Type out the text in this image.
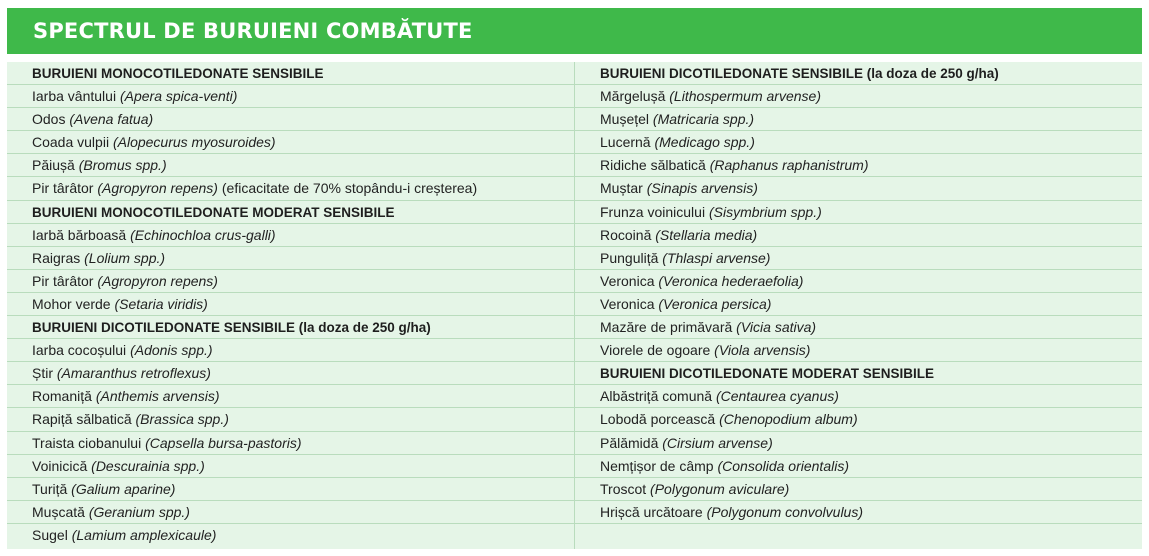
SPECTRUL DE BURUIENI COMBĂTUTE
BURUIENI MONOCOTILEDONATE SENSIBILE
Iarba vântului (Apera spica-venti)
Odos (Avena fatua)
Coada vulpii (Alopecurus myosuroides)
Păiușă (Bromus spp.)
Pir târâtor (Agropyron repens) (eficacitate de 70% stopându-i creșterea)
BURUIENI MONOCOTILEDONATE MODERAT SENSIBILE
Iarbă bărboasă (Echinochloa crus-galli)
Raigras (Lolium spp.)
Pir târâtor (Agropyron repens)
Mohor verde (Setaria viridis)
BURUIENI DICOTILEDONATE SENSIBILE (la doza de 250 g/ha)
Iarba cocoșului (Adonis spp.)
Știr (Amaranthus retroflexus)
Romaniță (Anthemis arvensis)
Rapiță sălbatică (Brassica spp.)
Traista ciobanului (Capsella bursa-pastoris)
Voinicică (Descurainia spp.)
Turiță (Galium aparine)
Mușcată (Geranium spp.)
Sugel (Lamium amplexicaule)
BURUIENI DICOTILEDONATE SENSIBILE (la doza de 250 g/ha)
Mărgelușă (Lithospermum arvense)
Mușețel (Matricaria spp.)
Lucernă (Medicago spp.)
Ridiche sălbatică (Raphanus raphanistrum)
Muștar (Sinapis arvensis)
Frunza voinicului (Sisymbrium spp.)
Rocoină (Stellaria media)
Punguliță (Thlaspi arvense)
Veronica (Veronica hederaefolia)
Veronica (Veronica persica)
Mazăre de primăvară (Vicia sativa)
Viorele de ogoare (Viola arvensis)
BURUIENI DICOTILEDONATE MODERAT SENSIBILE
Albăstriță comună (Centaurea cyanus)
Lobodă porcească (Chenopodium album)
Pălămidă (Cirsium arvense)
Nemțișor de câmp (Consolida orientalis)
Troscot (Polygonum aviculare)
Hrișcă urcătoare (Polygonum convolvulus)
